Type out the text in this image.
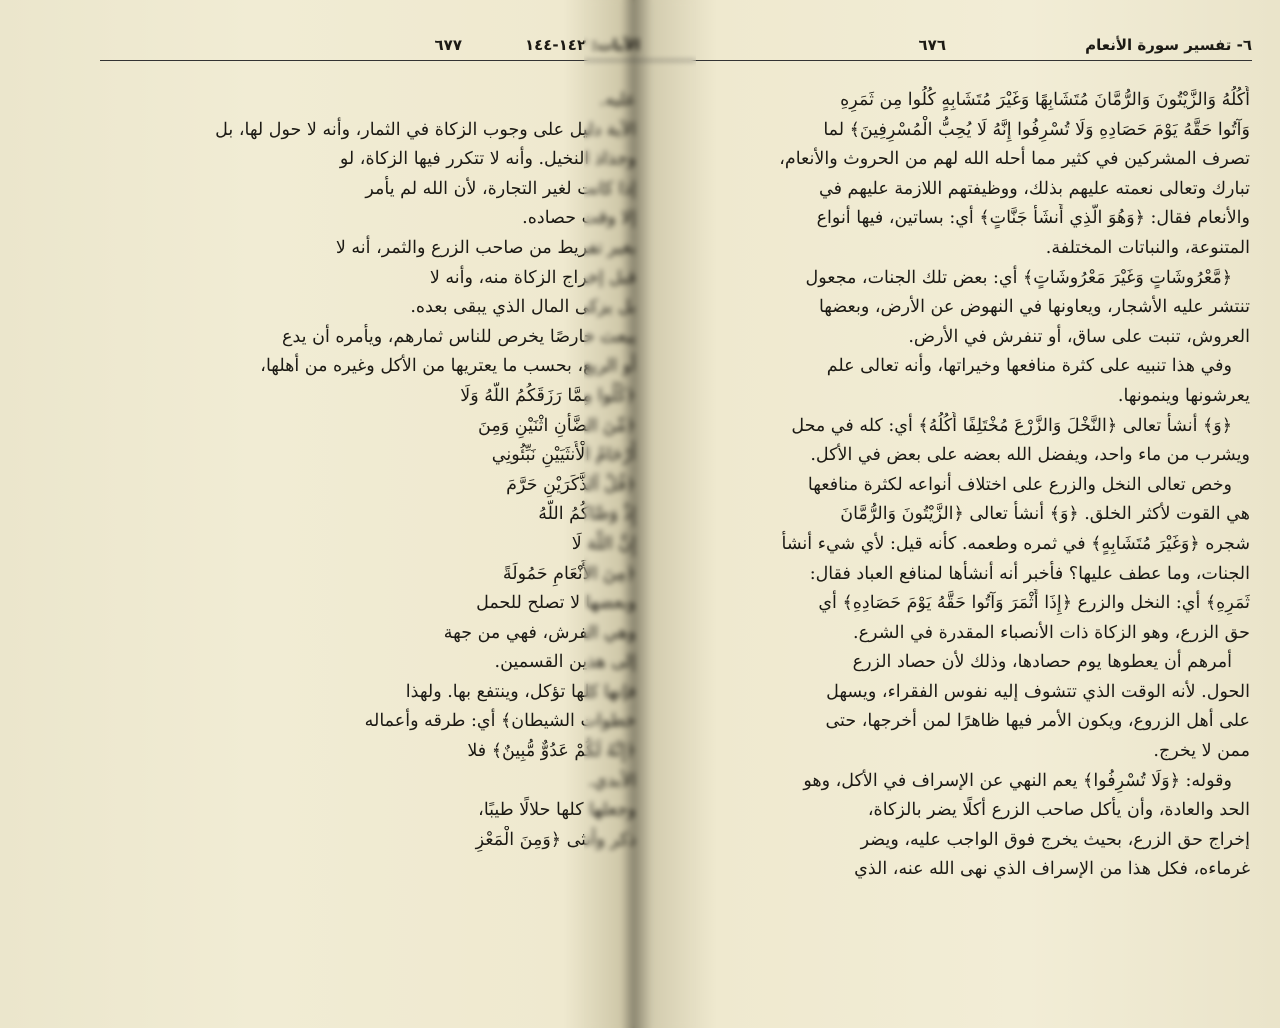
الآيات: ١٤٢-١٤٤
٦٧٧
عليه.
الآية دليل على وجوب الزكاة في الثمار، وأنه لا حول لها، بل
وجذاذ النخيل. وأنه لا تتكرر فيها الزكاة، لو
إذا كانت لغير التجارة، لأن الله لم يأمر
إلا وقت حصاده.
بغير تفريط من صاحب الزرع والثمر، أنه لا
قبل إخراج الزكاة منه، وأنه لا
بل يزكى المال الذي يبقى بعده.
يبعث خارصًا يخرص للناس ثمارهم، ويأمره أن يدع
أو الربع، بحسب ما يعتريها من الأكل وغيره من أهلها،
﴿كُلُوا مِمَّا رَزَقَكُمُ اللَّهُ وَلَا
﴿مِّنَ الضَّأْنِ اثْنَيْنِ وَمِنَ
أَرْحَامُ الْأُنثَيَيْنِ نَبِّئُونِي
﴿قُلْ آلذَّكَرَيْنِ حَرَّمَ
إِذْ وَصَّاكُمُ اللَّهُ
إِنَّ اللَّهَ لَا
﴿مِنَ الأَنْعَامِ حَمُولَةً
وبعضها لا تصلح للحمل
وهي الفرش، فهي من جهة
إلى هذين القسمين.
فإنها كلها تؤكل، وينتفع بها. ولهذا
خطوات الشيطان﴾ أي: طرقه وأعماله
﴿إِنَّهُ لَكُمْ عَدُوٌّ مُّبِينٌ﴾ فلا
الأبدي.
وجعلها كلها حلالًا طيبًا،
ذكر وأنثى ﴿وَمِنَ الْمَعْزِ
٦- تفسير سورة الأنعام
٦٧٦
أُكُلُهُ وَالزَّيْتُونَ وَالرُّمَّانَ مُتَشَابِهًا وَغَيْرَ مُتَشَابِهٍ كُلُوا مِن ثَمَرِهِ
وَآتُوا حَقَّهُ يَوْمَ حَصَادِهِ وَلَا تُسْرِفُوا إِنَّهُ لَا يُحِبُّ الْمُسْرِفِينَ﴾ لما
تصرف المشركين في كثير مما أحله الله لهم من الحروث والأنعام،
تبارك وتعالى نعمته عليهم بذلك، ووظيفتهم اللازمة عليهم في
والأنعام فقال: ﴿وَهُوَ الَّذِي أَنشَأَ جَنَّاتٍ﴾ أي: بساتين، فيها أنواع
المتنوعة، والنباتات المختلفة.
﴿مَّعْرُوشَاتٍ وَغَيْرَ مَعْرُوشَاتٍ﴾ أي: بعض تلك الجنات، مجعول
تنتشر عليه الأشجار، ويعاونها في النهوض عن الأرض، وبعضها
العروش، تنبت على ساق، أو تنفرش في الأرض.
وفي هذا تنبيه على كثرة منافعها وخيراتها، وأنه تعالى علم
يعرشونها وينمونها.
﴿وَ﴾ أنشأ تعالى ﴿النَّخْلَ وَالزَّرْعَ مُخْتَلِفًا أُكُلُهُ﴾ أي: كله في محل
ويشرب من ماء واحد، ويفضل الله بعضه على بعض في الأكل.
وخص تعالى النخل والزرع على اختلاف أنواعه لكثرة منافعها
هي القوت لأكثر الخلق. ﴿وَ﴾ أنشأ تعالى ﴿الزَّيْتُونَ وَالرُّمَّانَ
شجره ﴿وَغَيْرَ مُتَشَابِهٍ﴾ في ثمره وطعمه. كأنه قيل: لأي شيء أنشأ
الجنات، وما عطف عليها؟ فأخبر أنه أنشأها لمنافع العباد فقال:
ثَمَرِهِ﴾ أي: النخل والزرع ﴿إِذَا أَثْمَرَ وَآتُوا حَقَّهُ يَوْمَ حَصَادِهِ﴾ أي
حق الزرع، وهو الزكاة ذات الأنصباء المقدرة في الشرع.
أمرهم أن يعطوها يوم حصادها، وذلك لأن حصاد الزرع
الحول. لأنه الوقت الذي تتشوف إليه نفوس الفقراء، ويسهل
على أهل الزروع، ويكون الأمر فيها ظاهرًا لمن أخرجها، حتى
ممن لا يخرج.
وقوله: ﴿وَلَا تُسْرِفُوا﴾ يعم النهي عن الإسراف في الأكل، وهو
الحد والعادة، وأن يأكل صاحب الزرع أكلًا يضر بالزكاة،
إخراج حق الزرع، بحيث يخرج فوق الواجب عليه، ويضر
غرماءه، فكل هذا من الإسراف الذي نهى الله عنه، الذي
